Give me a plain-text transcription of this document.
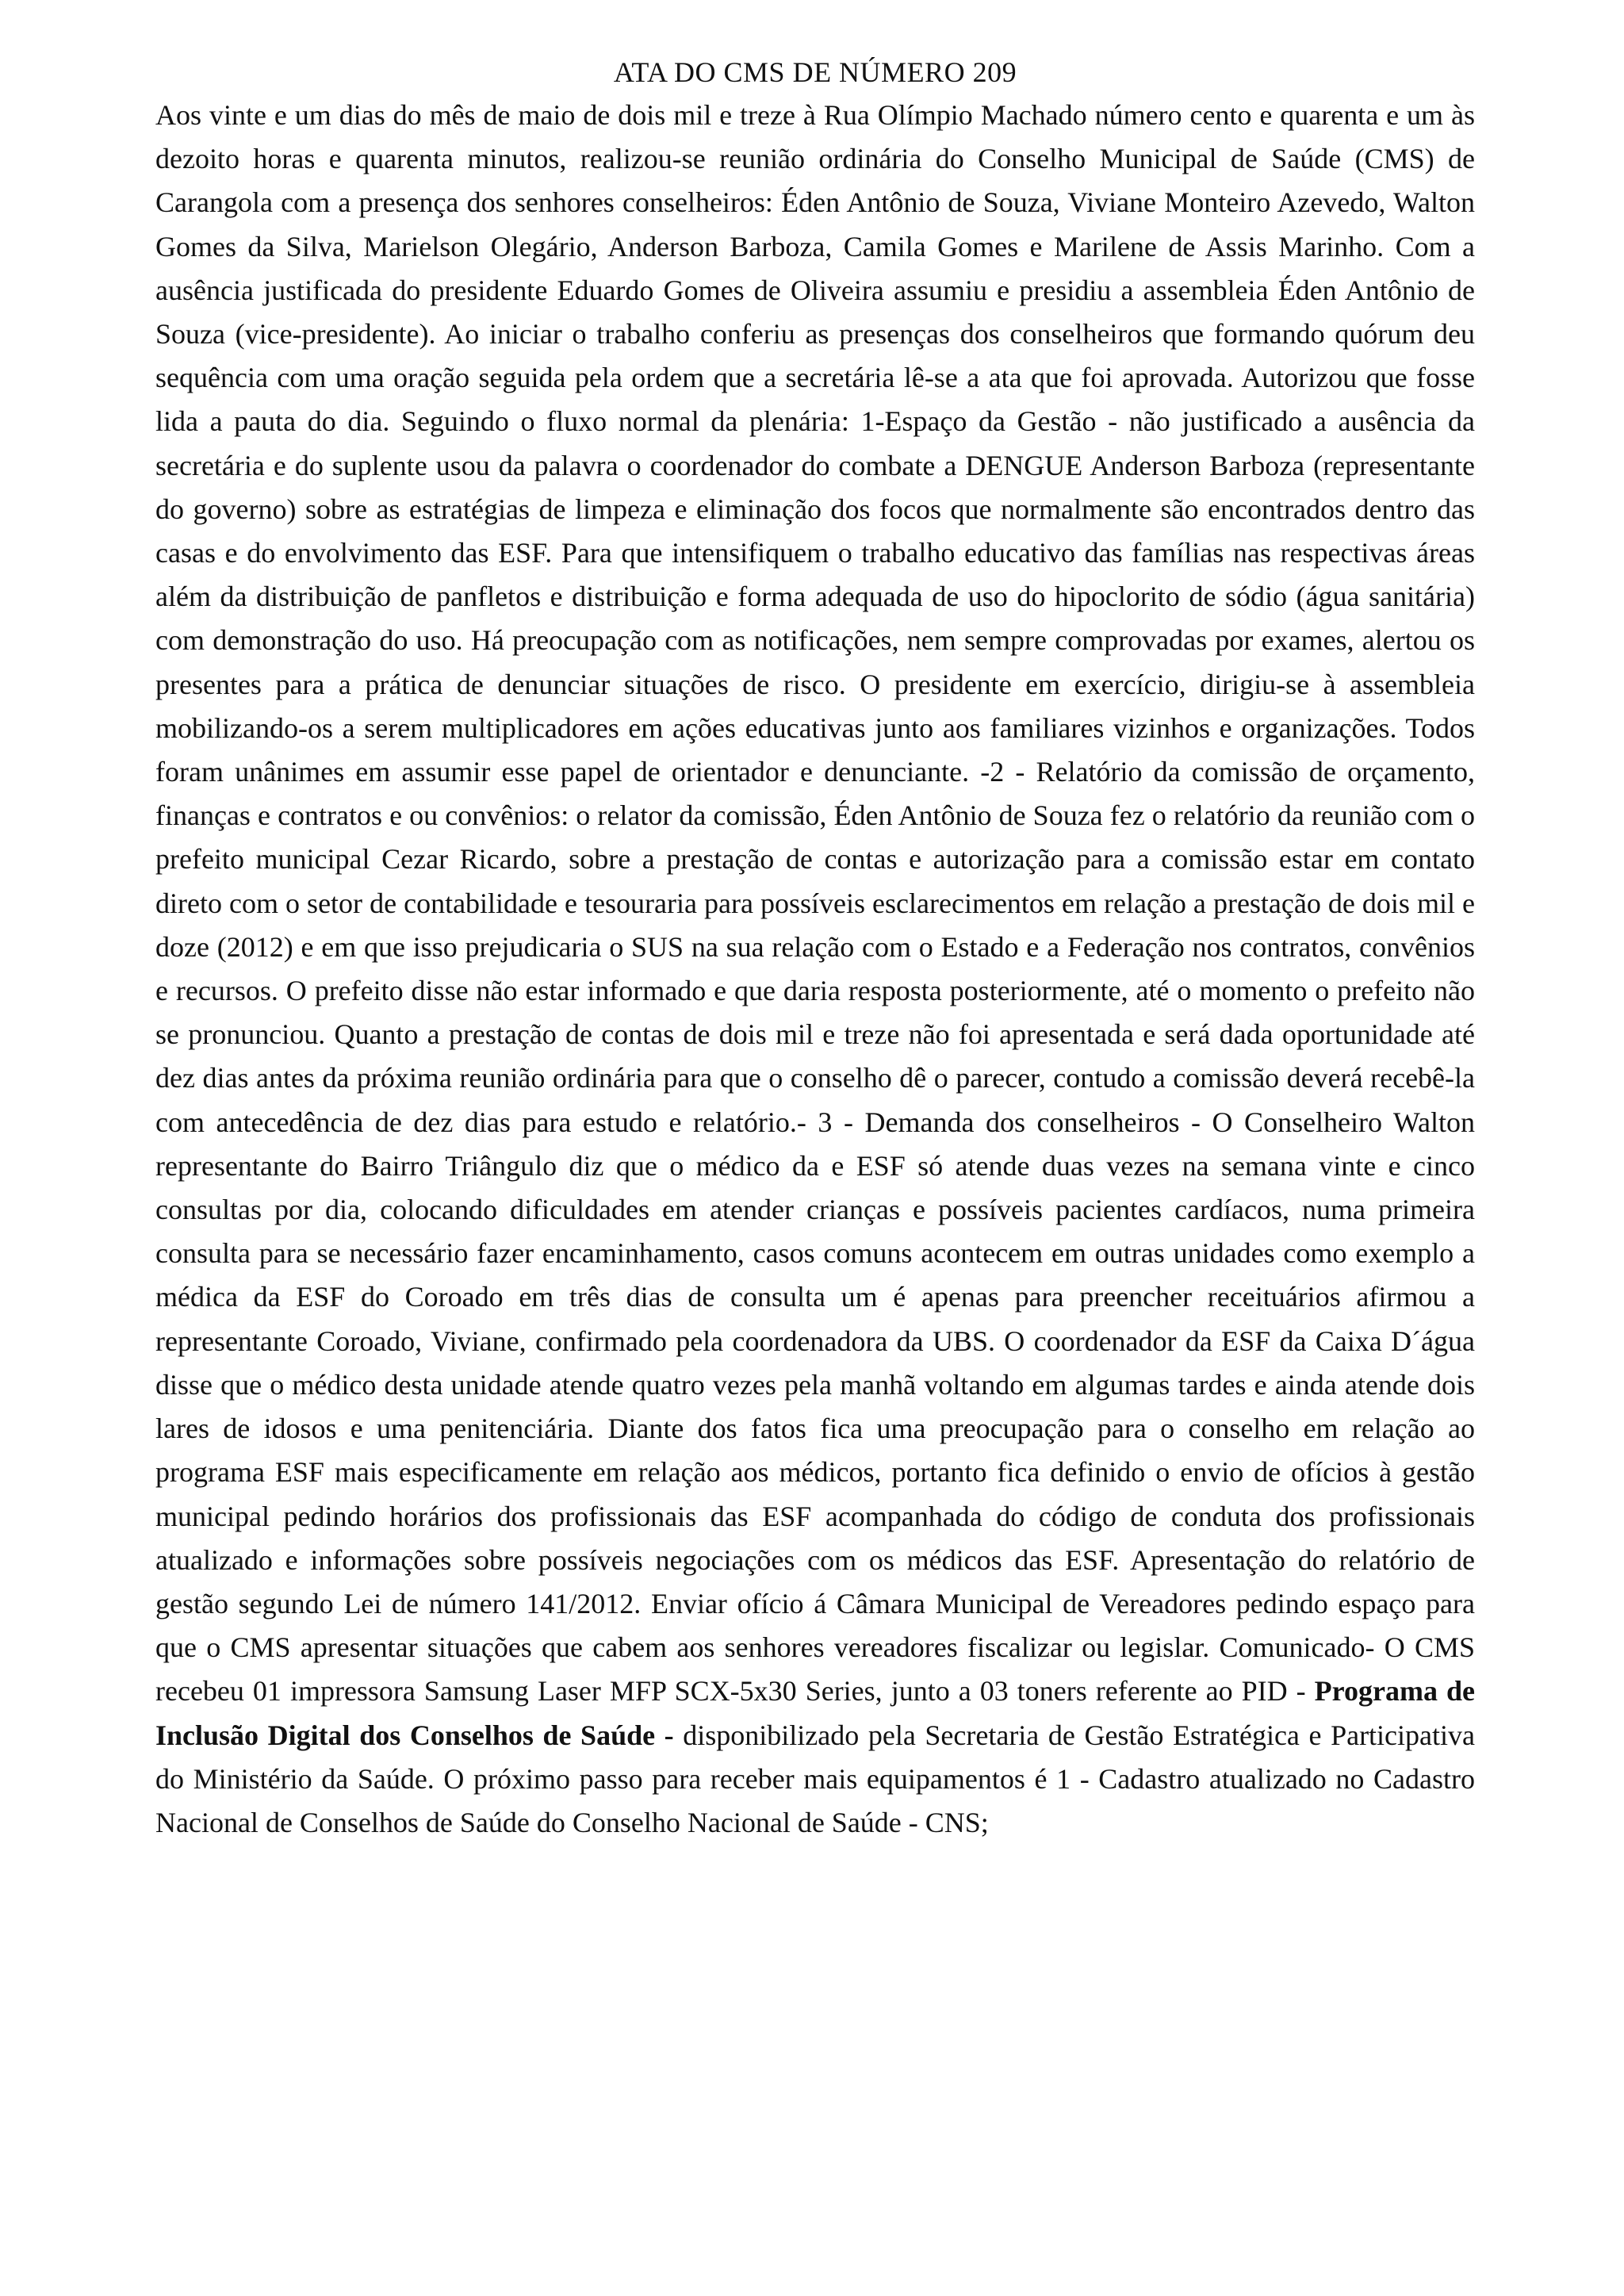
ATA DO CMS DE NÚMERO 209

Aos vinte e um dias do mês de maio de dois mil e treze à Rua Olímpio Machado número cento e quarenta e um às dezoito horas e quarenta minutos, realizou-se reunião ordinária do Conselho Municipal de Saúde (CMS) de Carangola com a presença dos senhores conselheiros: Éden Antônio de Souza, Viviane Monteiro Azevedo, Walton Gomes da Silva, Marielson Olegário, Anderson Barboza, Camila Gomes e Marilene de Assis Marinho. Com a ausência justificada do presidente Eduardo Gomes de Oliveira assumiu e presidiu a assembleia Éden Antônio de Souza (vice-presidente). Ao iniciar o trabalho conferiu as presenças dos conselheiros que formando quórum deu sequência com uma oração seguida pela ordem que a secretária lê-se a ata que foi aprovada. Autorizou que fosse lida a pauta do dia. Seguindo o fluxo normal da plenária: 1-Espaço da Gestão - não justificado a ausência da secretária e do suplente usou da palavra o coordenador do combate a DENGUE Anderson Barboza (representante do governo) sobre as estratégias de limpeza e eliminação dos focos que normalmente são encontrados dentro das casas e do envolvimento das ESF. Para que intensifiquem o trabalho educativo das famílias nas respectivas áreas além da distribuição de panfletos e distribuição e forma adequada de uso do hipoclorito de sódio (água sanitária) com demonstração do uso. Há preocupação com as notificações, nem sempre comprovadas por exames, alertou os presentes para a prática de denunciar situações de risco. O presidente em exercício, dirigiu-se à assembleia mobilizando-os a serem multiplicadores em ações educativas junto aos familiares vizinhos e organizações. Todos foram unânimes em assumir esse papel de orientador e denunciante. -2 - Relatório da comissão de orçamento, finanças e contratos e ou convênios: o relator da comissão, Éden Antônio de Souza fez o relatório da reunião com o prefeito municipal Cezar Ricardo, sobre a prestação de contas e autorização para a comissão estar em contato direto com o setor de contabilidade e tesouraria para possíveis esclarecimentos em relação a prestação de dois mil e doze (2012) e em que isso prejudicaria o SUS na sua relação com o Estado e a Federação nos contratos, convênios e recursos. O prefeito disse não estar informado e que daria resposta posteriormente, até o momento o prefeito não se pronunciou. Quanto a prestação de contas de dois mil e treze não foi apresentada e será dada oportunidade até dez dias antes da próxima reunião ordinária para que o conselho dê o parecer, contudo a comissão deverá recebê-la com antecedência de dez dias para estudo e relatório.- 3 - Demanda dos conselheiros - O Conselheiro Walton representante do Bairro Triângulo diz que o médico da e ESF só atende duas vezes na semana vinte e cinco consultas por dia, colocando dificuldades em atender crianças e possíveis pacientes cardíacos, numa primeira consulta para se necessário fazer encaminhamento, casos comuns acontecem em outras unidades como exemplo a médica da ESF do Coroado em três dias de consulta um é apenas para preencher receituários afirmou a representante Coroado, Viviane, confirmado pela coordenadora da UBS. O coordenador da ESF da Caixa D´água disse que o médico desta unidade atende quatro vezes pela manhã voltando em algumas tardes e ainda atende dois lares de idosos e uma penitenciária. Diante dos fatos fica uma preocupação para o conselho em relação ao programa ESF mais especificamente em relação aos médicos, portanto fica definido o envio de ofícios à gestão municipal pedindo horários dos profissionais das ESF acompanhada do código de conduta dos profissionais atualizado e informações sobre possíveis negociações com os médicos das ESF. Apresentação do relatório de gestão segundo Lei de número 141/2012. Enviar ofício á Câmara Municipal de Vereadores pedindo espaço para que o CMS apresentar situações que cabem aos senhores vereadores fiscalizar ou legislar. Comunicado- O CMS recebeu 01 impressora Samsung Laser MFP SCX-5x30 Series, junto a 03 toners referente ao PID - Programa de Inclusão Digital dos Conselhos de Saúde - disponibilizado pela Secretaria de Gestão Estratégica e Participativa do Ministério da Saúde. O próximo passo para receber mais equipamentos é 1 - Cadastro atualizado no Cadastro Nacional de Conselhos de Saúde do Conselho Nacional de Saúde - CNS;
